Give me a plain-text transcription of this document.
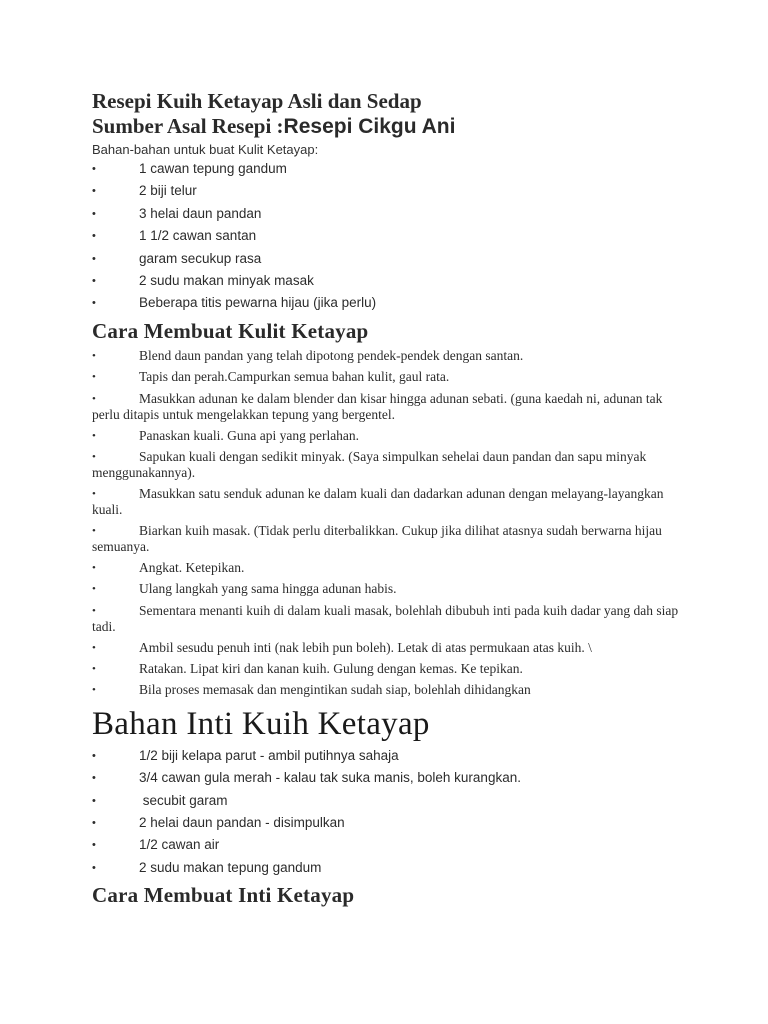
Resepi Kuih Ketayap Asli dan Sedap
Sumber Asal Resepi :Resepi Cikgu Ani

Bahan-bahan untuk buat Kulit Ketayap:

•	1 cawan tepung gandum
•	2 biji telur
•	3 helai daun pandan
•	1 1/2 cawan santan
•	garam secukup rasa
•	2 sudu makan minyak masak
•	Beberapa titis pewarna hijau (jika perlu)
Cara Membuat Kulit Ketayap
•	Blend daun pandan yang telah dipotong pendek-pendek dengan santan.
•	Tapis dan perah.Campurkan semua bahan kulit, gaul rata.
•	Masukkan adunan ke dalam blender dan kisar hingga adunan sebati. (guna kaedah ni, adunan tak perlu ditapis untuk mengelakkan tepung yang bergentel.
•	Panaskan kuali. Guna api yang perlahan.
•	Sapukan kuali dengan sedikit minyak. (Saya simpulkan sehelai daun pandan dan sapu minyak menggunakannya).
•	Masukkan satu senduk adunan ke dalam kuali dan dadarkan adunan dengan melayang-layangkan kuali.
•	Biarkan kuih masak. (Tidak perlu diterbalikkan. Cukup jika dilihat atasnya sudah berwarna hijau semuanya.
•	Angkat. Ketepikan.
•	Ulang langkah yang sama hingga adunan habis.
•	Sementara menanti kuih di dalam kuali masak, bolehlah dibubuh inti pada kuih dadar yang dah siap tadi.
•	Ambil sesudu penuh inti (nak lebih pun boleh). Letak di atas permukaan atas kuih. \
•	Ratakan. Lipat kiri dan kanan kuih. Gulung dengan kemas. Ke tepikan.
•	Bila proses memasak dan mengintikan sudah siap, bolehlah dihidangkan
Bahan Inti Kuih Ketayap
•	1/2 biji kelapa parut - ambil putihnya sahaja
•	3/4 cawan gula merah - kalau tak suka manis, boleh kurangkan.
•	secubit garam
•	2 helai daun pandan - disimpulkan
•	1/2 cawan air
•	2 sudu makan tepung gandum
Cara Membuat Inti Ketayap
